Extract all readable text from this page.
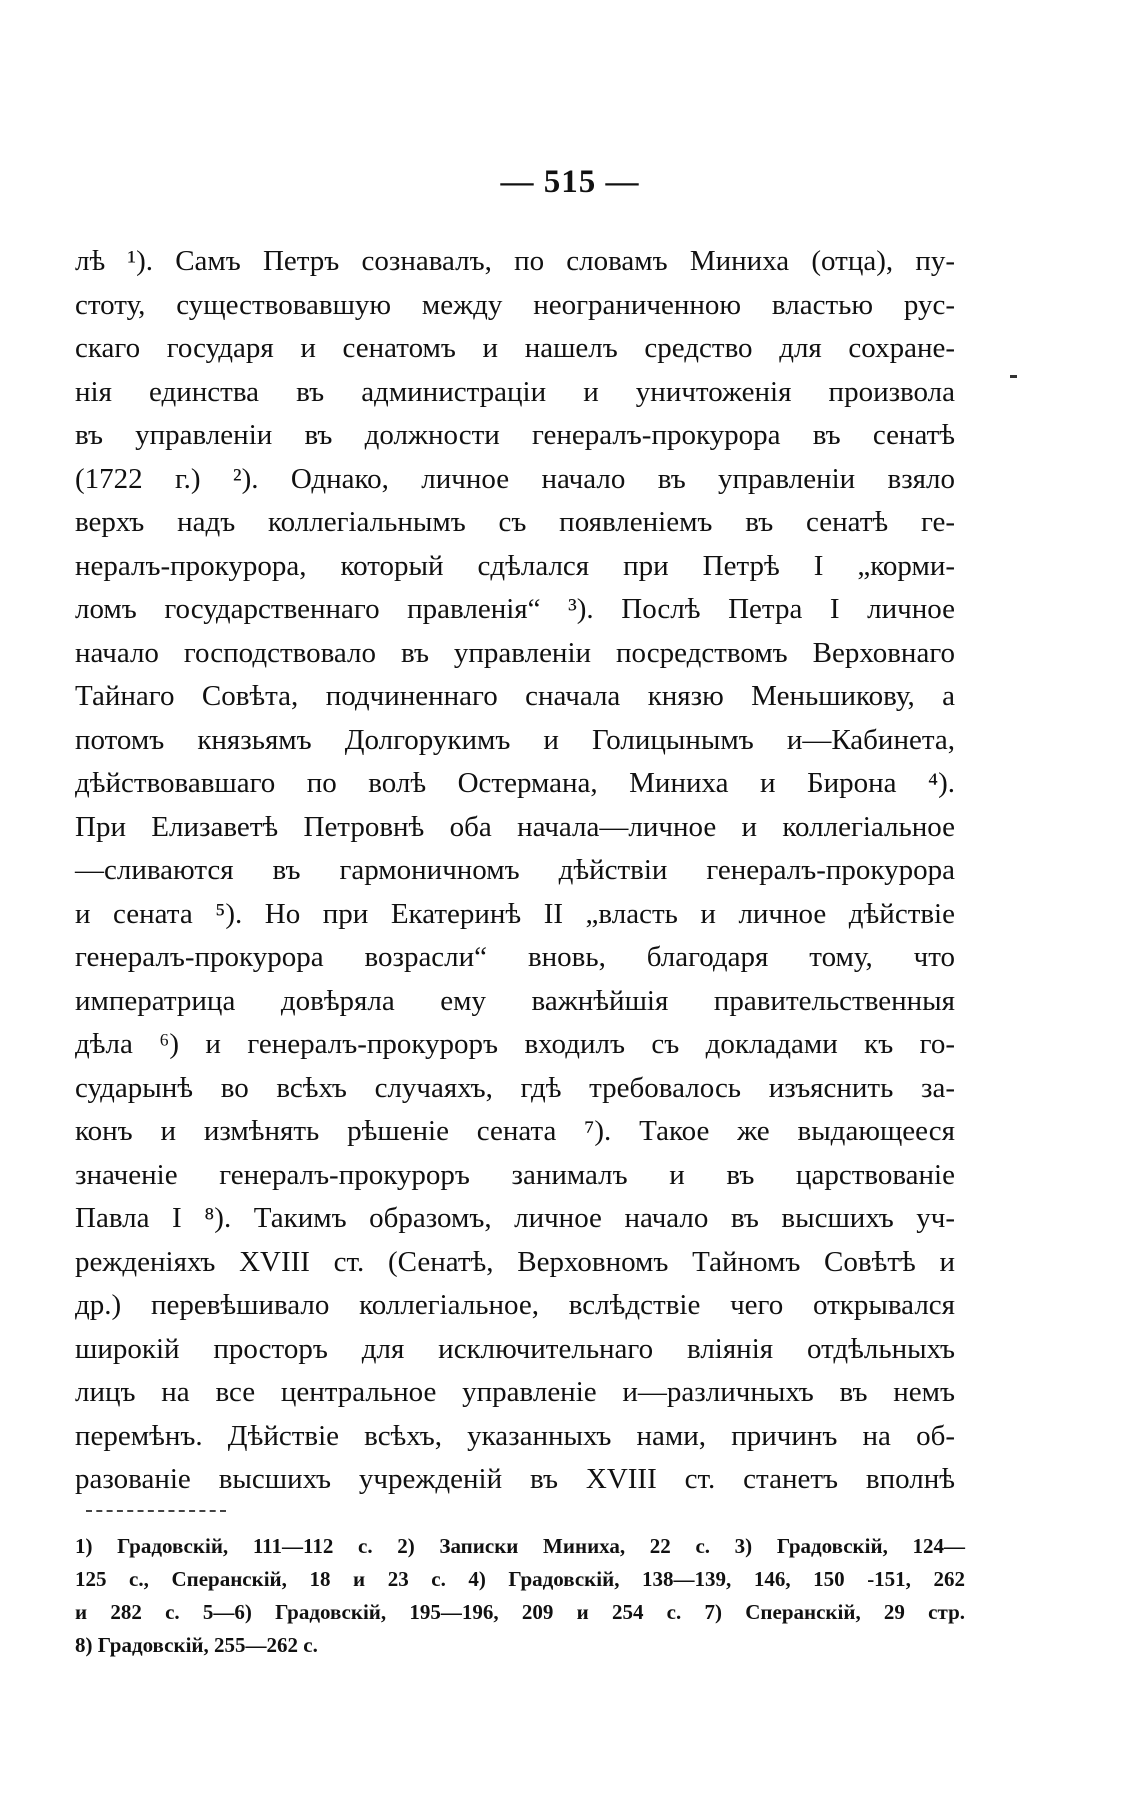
— 515 —
лѣ ¹). Самъ Петръ сознавалъ, по словамъ Миниха (отца), пу-
стоту, существовавшую между неограниченною властью рус-
скаго государя и сенатомъ и нашелъ средство для сохране-
нія единства въ администраціи и уничтоженія произвола
въ управленіи въ должности генералъ-прокурора въ сенатѣ
(1722 г.) ²). Однако, личное начало въ управленіи взяло
верхъ надъ коллегіальнымъ съ появленіемъ въ сенатѣ ге-
нералъ-прокурора, который сдѣлался при Петрѣ I „корми-
ломъ государственнаго правленія“ ³). Послѣ Петра I личное
начало господствовало въ управленіи посредствомъ Верховнаго
Тайнаго Совѣта, подчиненнаго сначала князю Меньшикову, а
потомъ князьямъ Долгорукимъ и Голицынымъ и—Кабинета,
дѣйствовавшаго по волѣ Остермана, Миниха и Бирона ⁴).
При Елизаветѣ Петровнѣ оба начала—личное и коллегіальное
—сливаются въ гармоничномъ дѣйствіи генералъ-прокурора
и сената ⁵). Но при Екатеринѣ II „власть и личное дѣйствіе
генералъ-прокурора возрасли“ вновь, благодаря тому, что
императрица довѣряла ему важнѣйшія правительственныя
дѣла ⁶) и генералъ-прокуроръ входилъ съ докладами къ го-
сударынѣ во всѣхъ случаяхъ, гдѣ требовалось изъяснить за-
конъ и измѣнять рѣшеніе сената ⁷). Такое же выдающееся
значеніе генералъ-прокуроръ занималъ и въ царствованіе
Павла I ⁸). Такимъ образомъ, личное начало въ высшихъ уч-
режденіяхъ XVIII ст. (Сенатѣ, Верховномъ Тайномъ Совѣтѣ и
др.) перевѣшивало коллегіальное, вслѣдствіе чего открывался
широкій просторъ для исключительнаго вліянія отдѣльныхъ
лицъ на все центральное управленіе и—различныхъ въ немъ
перемѣнъ. Дѣйствіе всѣхъ, указанныхъ нами, причинъ на об-
разованіе высшихъ учрежденій въ XVIII ст. станетъ вполнѣ
1) Градовскій, 111—112 с. 2) Записки Миниха, 22 с. 3) Градовскій, 124—
125 с., Сперанскій, 18 и 23 с. 4) Градовскій, 138—139, 146, 150 -151, 262
и 282 с. 5—6) Градовскій, 195—196, 209 и 254 с. 7) Сперанскій, 29 стр.
8) Градовскій, 255—262 с.
